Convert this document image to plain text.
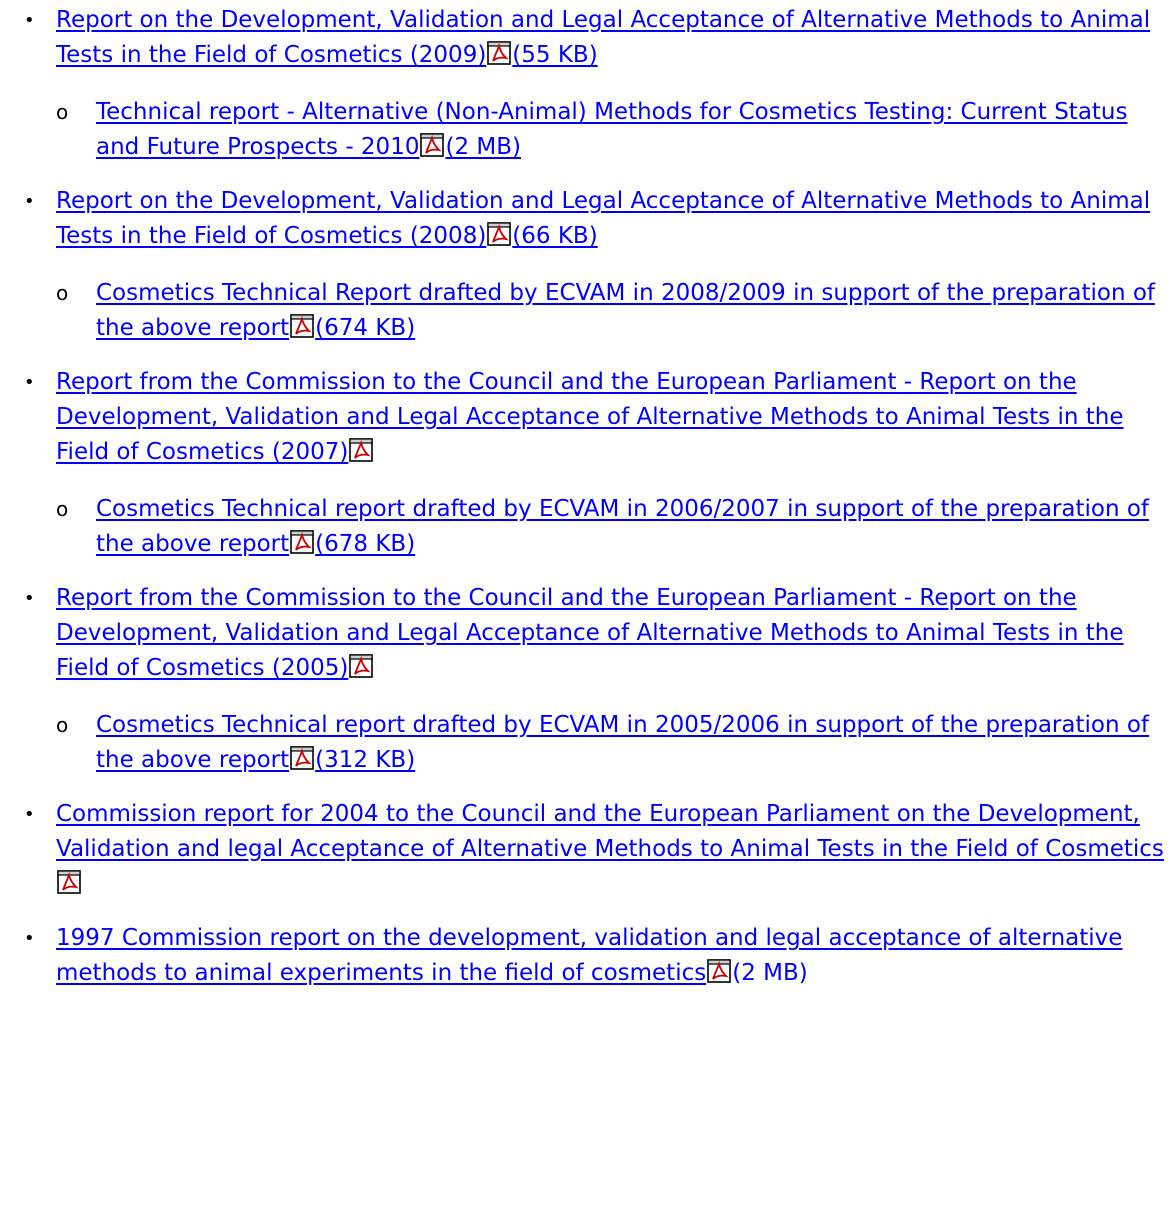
• Report on the Development, Validation and Legal Acceptance of Alternative Methods to Animal Tests in the Field of Cosmetics (2009) (55 KB)
o Technical report - Alternative (Non-Animal) Methods for Cosmetics Testing: Current Status and Future Prospects - 2010 (2 MB)
• Report on the Development, Validation and Legal Acceptance of Alternative Methods to Animal Tests in the Field of Cosmetics (2008) (66 KB)
o Cosmetics Technical Report drafted by ECVAM in 2008/2009 in support of the preparation of the above report (674 KB)
• Report from the Commission to the Council and the European Parliament - Report on the Development, Validation and Legal Acceptance of Alternative Methods to Animal Tests in the Field of Cosmetics (2007)
o Cosmetics Technical report drafted by ECVAM in 2006/2007 in support of the preparation of the above report (678 KB)
• Report from the Commission to the Council and the European Parliament - Report on the Development, Validation and Legal Acceptance of Alternative Methods to Animal Tests in the Field of Cosmetics (2005)
o Cosmetics Technical report drafted by ECVAM in 2005/2006 in support of the preparation of the above report (312 KB)
• Commission report for 2004 to the Council and the European Parliament on the Development, Validation and legal Acceptance of Alternative Methods to Animal Tests in the Field of Cosmetics
• 1997 Commission report on the development, validation and legal acceptance of alternative methods to animal experiments in the field of cosmetics (2 MB)
